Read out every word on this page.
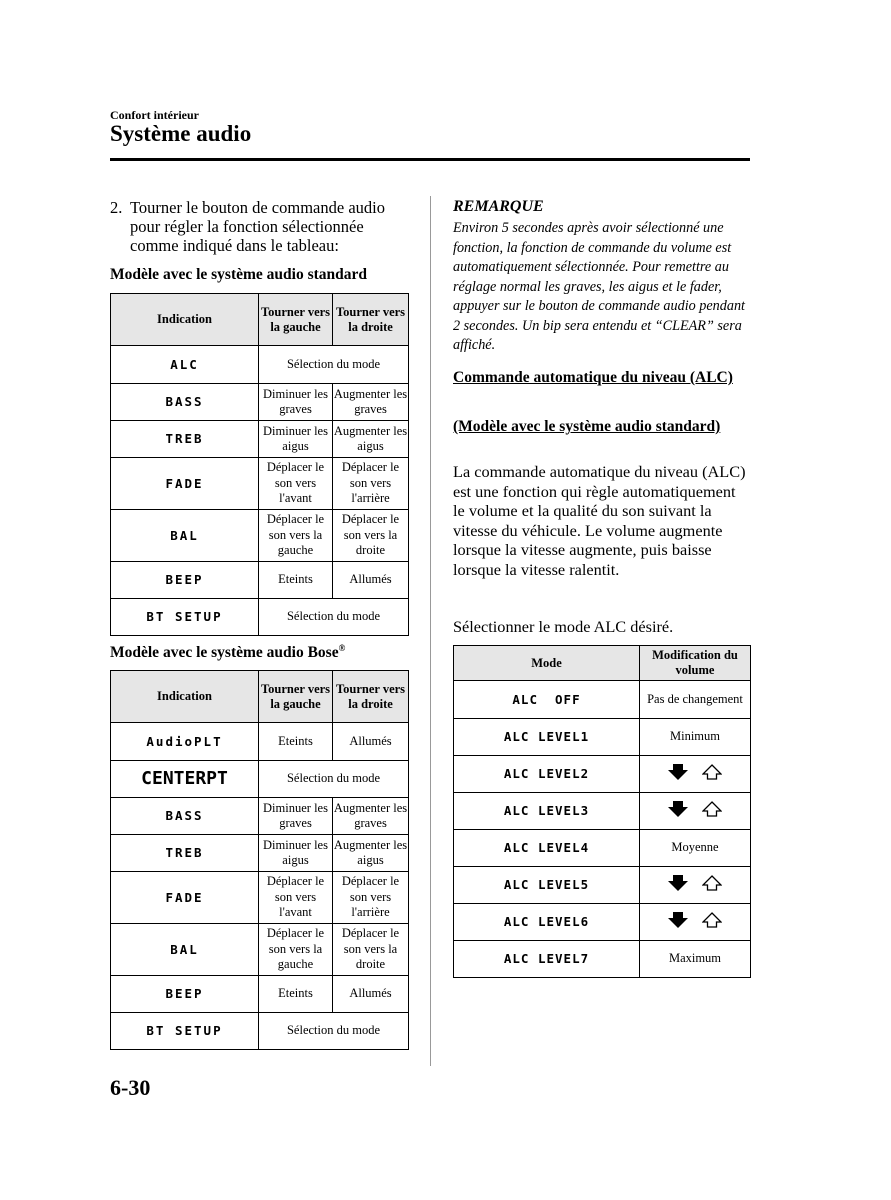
Confort intérieur
Système audio
2. Tourner le bouton de commande audio pour régler la fonction sélectionnée comme indiqué dans le tableau:
Modèle avec le système audio standard
Indication	Tourner vers la gauche	Tourner vers la droite
ALC	Sélection du mode	
BASS	Diminuer les graves	Augmenter les graves
TREB	Diminuer les aigus	Augmenter les aigus
FADE	Déplacer le son vers l'avant	Déplacer le son vers l'arrière
BAL	Déplacer le son vers la gauche	Déplacer le son vers la droite
BEEP	Eteints	Allumés
BT SETUP	Sélection du mode	
Modèle avec le système audio Bose®
Indication	Tourner vers la gauche	Tourner vers la droite
AudioPLT	Eteints	Allumés
CENTERPT	Sélection du mode	
BASS	Diminuer les graves	Augmenter les graves
TREB	Diminuer les aigus	Augmenter les aigus
FADE	Déplacer le son vers l'avant	Déplacer le son vers l'arrière
BAL	Déplacer le son vers la gauche	Déplacer le son vers la droite
BEEP	Eteints	Allumés
BT SETUP	Sélection du mode	
REMARQUE
Environ 5 secondes après avoir sélectionné une fonction, la fonction de commande du volume est automatiquement sélectionnée. Pour remettre au réglage normal les graves, les aigus et le fader, appuyer sur le bouton de commande audio pendant 2 secondes. Un bip sera entendu et “CLEAR” sera affiché.
Commande automatique du niveau (ALC)
(Modèle avec le système audio standard)
La commande automatique du niveau (ALC) est une fonction qui règle automatiquement le volume et la qualité du son suivant la vitesse du véhicule. Le volume augmente lorsque la vitesse augmente, puis baisse lorsque la vitesse ralentit.
Sélectionner le mode ALC désiré.
Mode	Modification du volume
ALC  OFF	Pas de changement
ALC LEVEL1	Minimum
ALC LEVEL2	

ALC LEVEL3	

ALC LEVEL4	Moyenne
ALC LEVEL5	

ALC LEVEL6	

ALC LEVEL7	Maximum
6-30
